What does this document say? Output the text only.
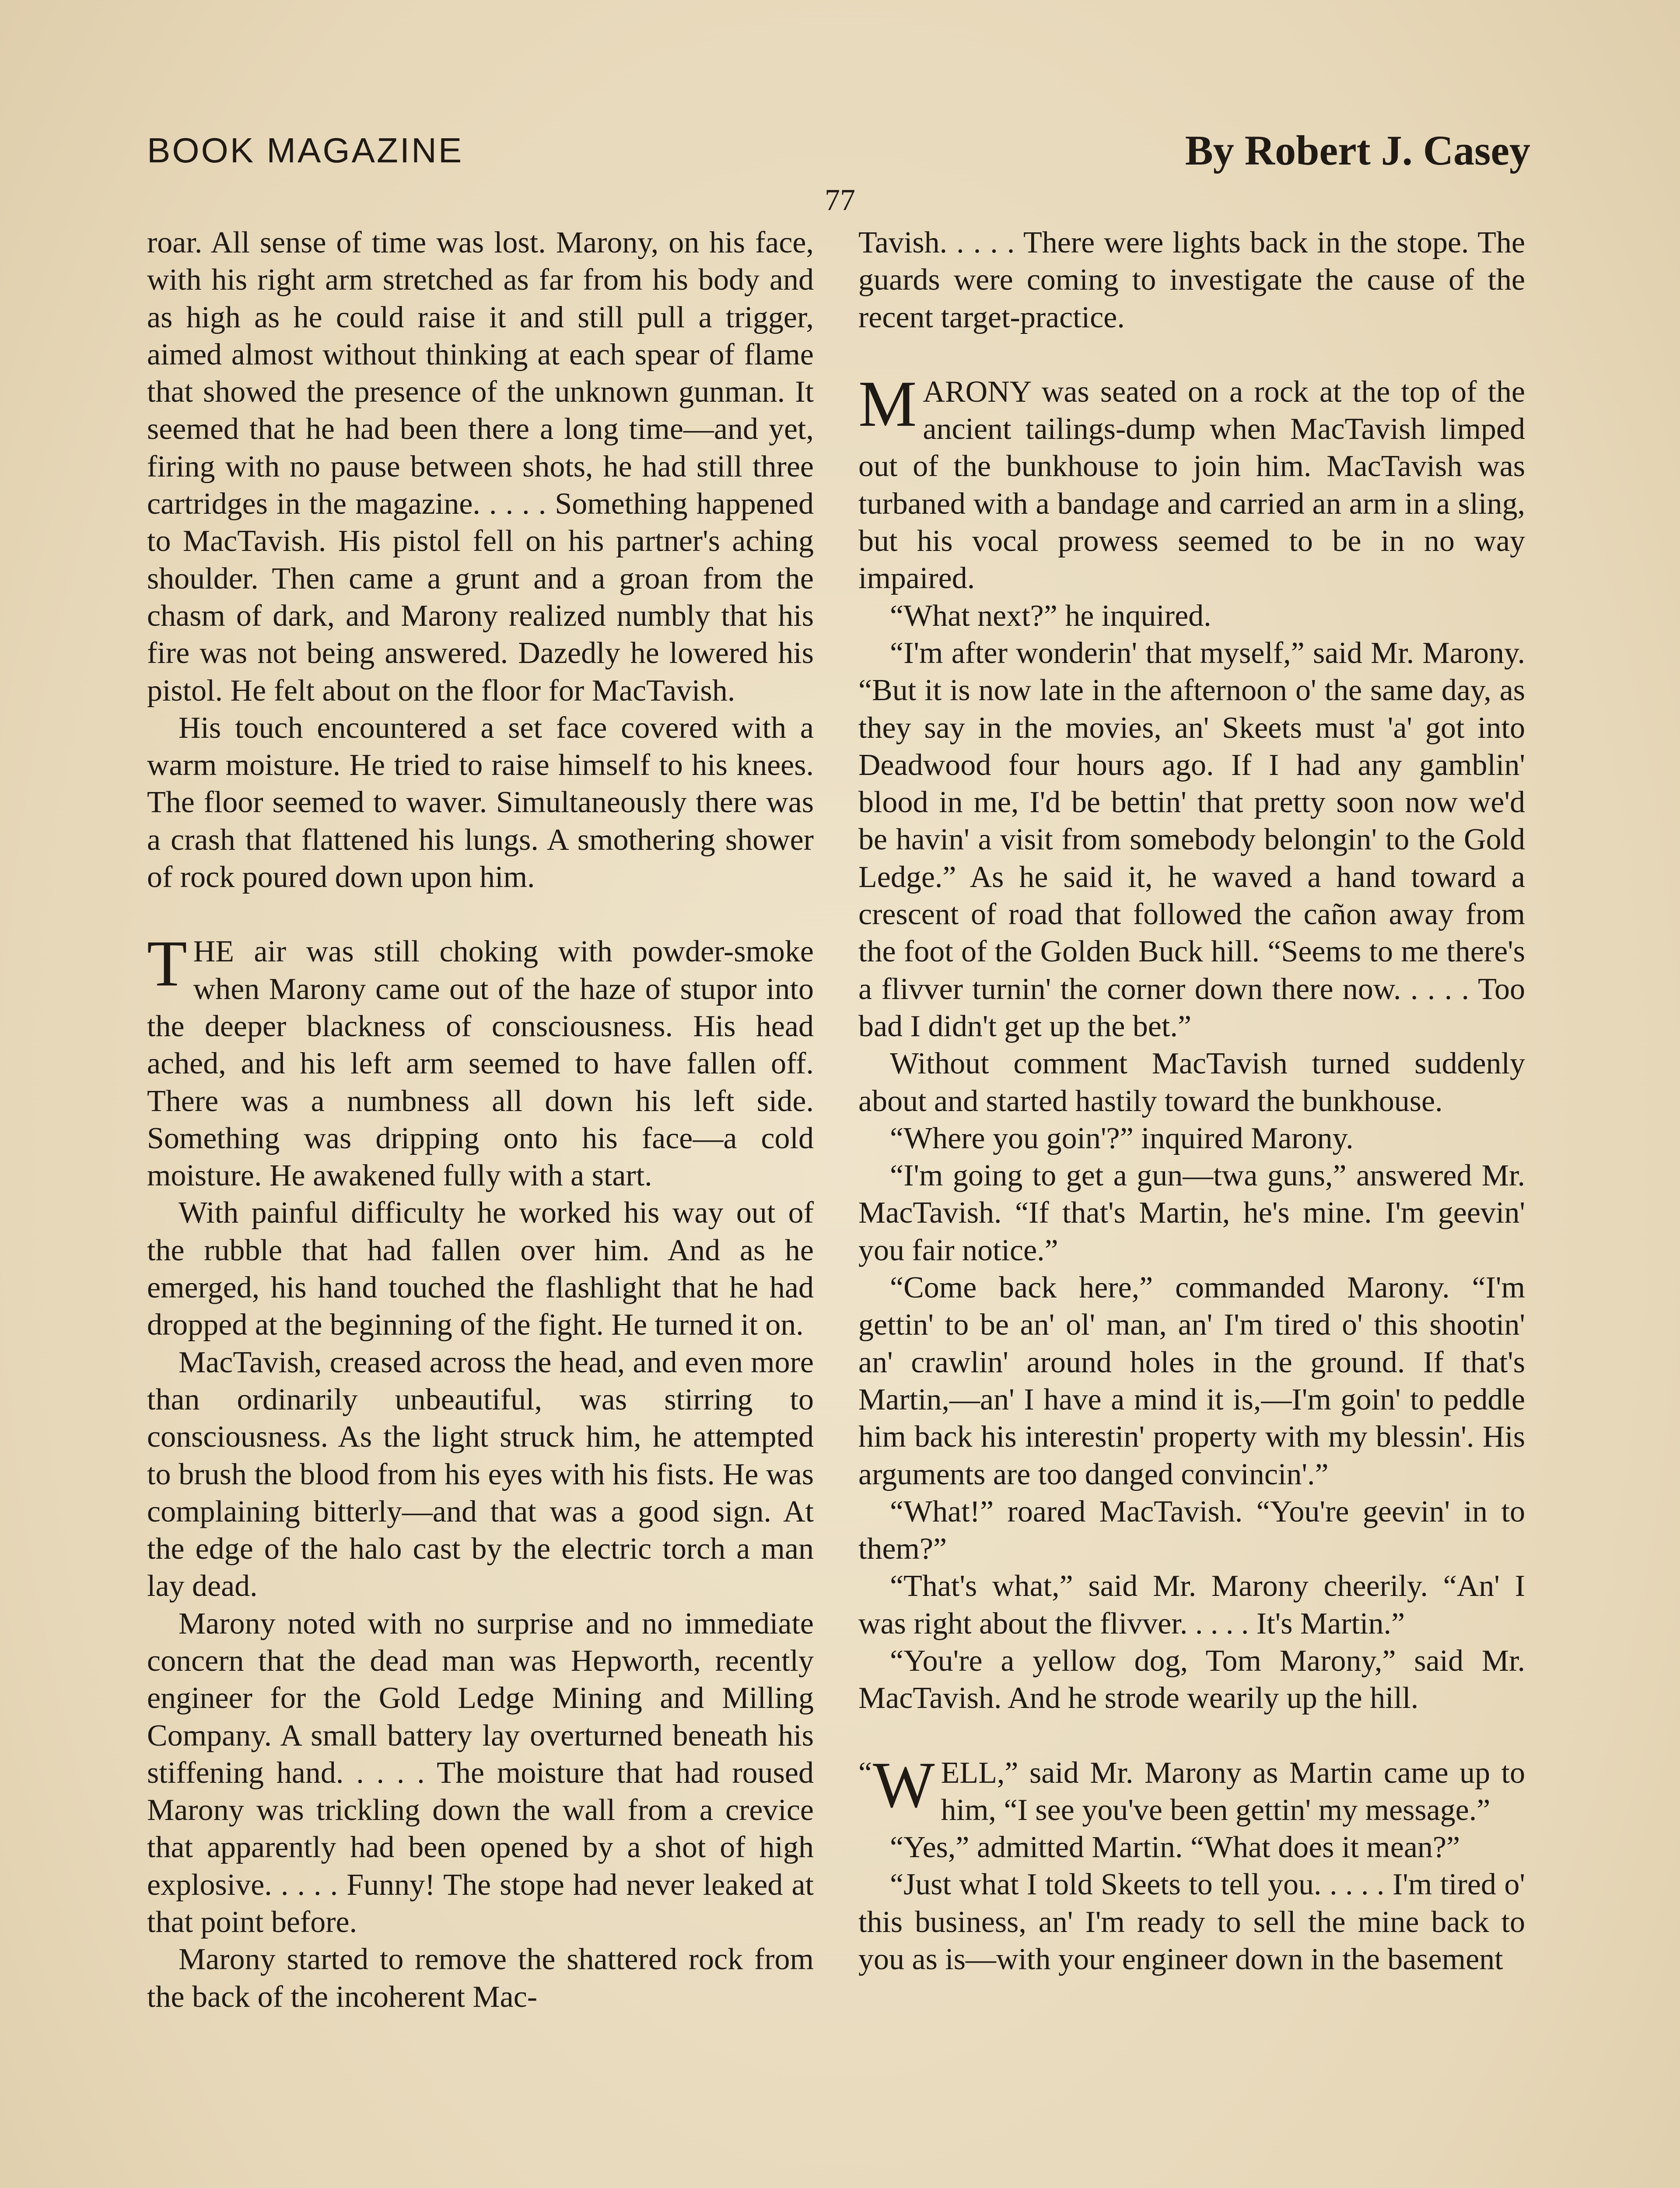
BOOK MAGAZINE	By Robert J. Casey
77

roar. All sense of time was lost. Marony, on his face, with his right arm stretched as far from his body and as high as he could raise it and still pull a trigger, aimed almost without thinking at each spear of flame that showed the presence of the unknown gunman. It seemed that he had been there a long time—and yet, firing with no pause between shots, he had still three cartridges in the magazine. . . . . Something happened to MacTavish. His pistol fell on his partner's aching shoulder. Then came a grunt and a groan from the chasm of dark, and Marony realized numbly that his fire was not being answered. Dazedly he lowered his pistol. He felt about on the floor for MacTavish.

His touch encountered a set face covered with a warm moisture. He tried to raise himself to his knees. The floor seemed to waver. Simultaneously there was a crash that flattened his lungs. A smothering shower of rock poured down upon him.

THE air was still choking with powder-smoke when Marony came out of the haze of stupor into the deeper blackness of consciousness. His head ached, and his left arm seemed to have fallen off. There was a numbness all down his left side. Something was dripping onto his face—a cold moisture. He awakened fully with a start.

With painful difficulty he worked his way out of the rubble that had fallen over him. And as he emerged, his hand touched the flashlight that he had dropped at the beginning of the fight. He turned it on.

MacTavish, creased across the head, and even more than ordinarily unbeautiful, was stirring to consciousness. As the light struck him, he attempted to brush the blood from his eyes with his fists. He was complaining bitterly—and that was a good sign. At the edge of the halo cast by the electric torch a man lay dead.

Marony noted with no surprise and no immediate concern that the dead man was Hepworth, recently engineer for the Gold Ledge Mining and Milling Company. A small battery lay overturned beneath his stiffening hand. . . . . The moisture that had roused Marony was trickling down the wall from a crevice that apparently had been opened by a shot of high explosive. . . . . Funny! The stope had never leaked at that point before.

Marony started to remove the shattered rock from the back of the incoherent Mac-

Tavish. . . . . There were lights back in the stope. The guards were coming to investigate the cause of the recent target-practice.

MARONY was seated on a rock at the top of the ancient tailings-dump when MacTavish limped out of the bunkhouse to join him. MacTavish was turbaned with a bandage and carried an arm in a sling, but his vocal prowess seemed to be in no way impaired.

“What next?” he inquired.

“I'm after wonderin' that myself,” said Mr. Marony. “But it is now late in the afternoon o' the same day, as they say in the movies, an' Skeets must 'a' got into Deadwood four hours ago. If I had any gamblin' blood in me, I'd be bettin' that pretty soon now we'd be havin' a visit from somebody belongin' to the Gold Ledge.” As he said it, he waved a hand toward a crescent of road that followed the cañon away from the foot of the Golden Buck hill. “Seems to me there's a flivver turnin' the corner down there now. . . . . Too bad I didn't get up the bet.”

Without comment MacTavish turned suddenly about and started hastily toward the bunkhouse.

“Where you goin'?” inquired Marony.

“I'm going to get a gun—twa guns,” answered Mr. MacTavish. “If that's Martin, he's mine. I'm geevin' you fair notice.”

“Come back here,” commanded Marony. “I'm gettin' to be an' ol' man, an' I'm tired o' this shootin' an' crawlin' around holes in the ground. If that's Martin,—an' I have a mind it is,—I'm goin' to peddle him back his interestin' property with my blessin'. His arguments are too danged convincin'.”

“What!” roared MacTavish. “You're geevin' in to them?”

“That's what,” said Mr. Marony cheerily. “An' I was right about the flivver. . . . . It's Martin.”

“You're a yellow dog, Tom Marony,” said Mr. MacTavish. And he strode wearily up the hill.

“ W ELL,” said Mr. Marony as Martin came up to him, “I see you've been gettin' my message.”

“Yes,” admitted Martin. “What does it mean?”

“Just what I told Skeets to tell you. . . . . I'm tired o' this business, an' I'm ready to sell the mine back to you as is—with your engineer down in the basement
